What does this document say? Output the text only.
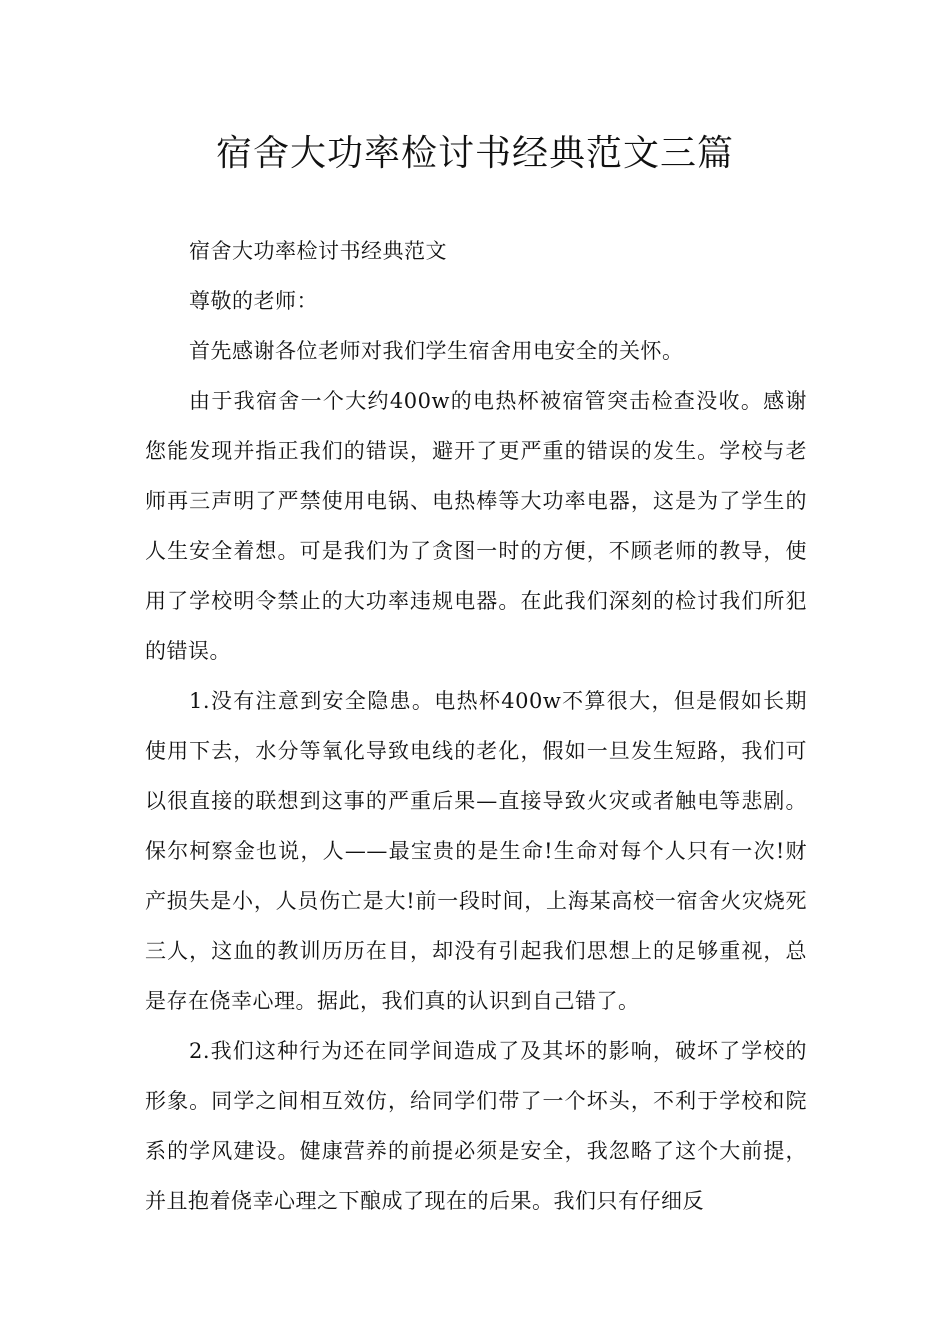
宿舍大功率检讨书经典范文三篇

宿舍大功率检讨书经典范文

尊敬的老师：

首先感谢各位老师对我们学生宿舍用电安全的关怀。

由于我宿舍一个大约400w的电热杯被宿管突击检查没收。感谢您能发现并指正我们的错误，避开了更严重的错误的发生。学校与老师再三声明了严禁使用电锅、电热棒等大功率电器，这是为了学生的人生安全着想。可是我们为了贪图一时的方便，不顾老师的教导，使用了学校明令禁止的大功率违规电器。在此我们深刻的检讨我们所犯的错误。

1.没有注意到安全隐患。电热杯400w不算很大，但是假如长期使用下去，水分等氧化导致电线的老化，假如一旦发生短路，我们可以很直接的联想到这事的严重后果—直接导致火灾或者触电等悲剧。保尔柯察金也说，人——最宝贵的是生命!生命对每个人只有一次!财产损失是小，人员伤亡是大!前一段时间，上海某高校一宿舍火灾烧死三人，这血的教训历历在目，却没有引起我们思想上的足够重视，总是存在侥幸心理。据此，我们真的认识到自己错了。

2.我们这种行为还在同学间造成了及其坏的影响，破坏了学校的形象。同学之间相互效仿，给同学们带了一个坏头，不利于学校和院系的学风建设。健康营养的前提必须是安全，我忽略了这个大前提，并且抱着侥幸心理之下酿成了现在的后果。我们只有仔细反
